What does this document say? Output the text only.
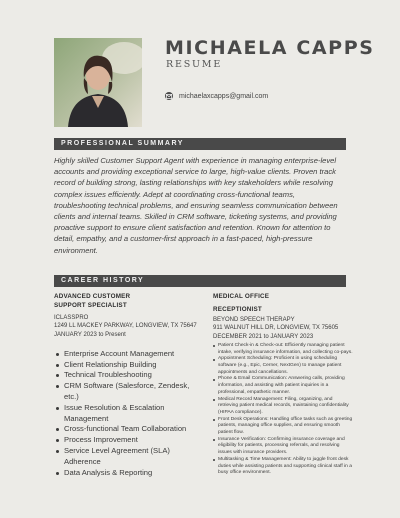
MICHAELA CAPPS
RESUME
michaelaxcapps@gmail.com
PROFESSIONAL SUMMARY
Highly skilled Customer Support Agent with experience in managing enterprise-level accounts and providing exceptional service to large, high-value clients. Proven track record of building strong, lasting relationships with key stakeholders while resolving complex issues efficiently. Adept at coordinating cross-functional teams, troubleshooting technical problems, and ensuring seamless communication between clients and internal teams. Skilled in CRM software, ticketing systems, and providing proactive support to ensure client satisfaction and retention. Known for attention to detail, empathy, and a customer-first approach in a fast-paced, high-pressure environment.
CAREER HISTORY
ADVANCED CUSTOMER
SUPPORT SPECIALIST
ICLASSPRO
1249 LL MACKEY PARKWAY, LONGVIEW, TX 75647
JANUARY 2023 to Present
Enterprise Account Management
Client Relationship Building
Technical Troubleshooting
CRM Software (Salesforce, Zendesk, etc.)
Issue Resolution & Escalation Management
Cross-functional Team Collaboration
Process Improvement
Service Level Agreement (SLA) Adherence
Data Analysis & Reporting
MEDICAL OFFICE
RECEPTIONIST
BEYOND SPEECH THERAPY
911 WALNUT HILL DR, LONGVIEW, TX 75605
DECEMBER 2021 to JANUARY 2023
Patient Check-in & Check-out: Efficiently managing patient intake, verifying insurance information, and collecting co-pays.
Appointment Scheduling: Proficient in using scheduling software (e.g., Epic, Cerner, NextGen) to manage patient appointments and cancellations.
Phone & Email Communication: Answering calls, providing information, and assisting with patient inquiries in a professional, empathetic manner.
Medical Record Management: Filing, organizing, and retrieving patient medical records, maintaining confidentiality (HIPAA compliance).
Front Desk Operations: Handling office tasks such as greeting patients, managing office supplies, and ensuring smooth patient flow.
Insurance Verification: Confirming insurance coverage and eligibility for patients, processing referrals, and resolving issues with insurance providers.
Multitasking & Time Management: Ability to juggle front desk duties while assisting patients and supporting clinical staff in a busy office environment.
